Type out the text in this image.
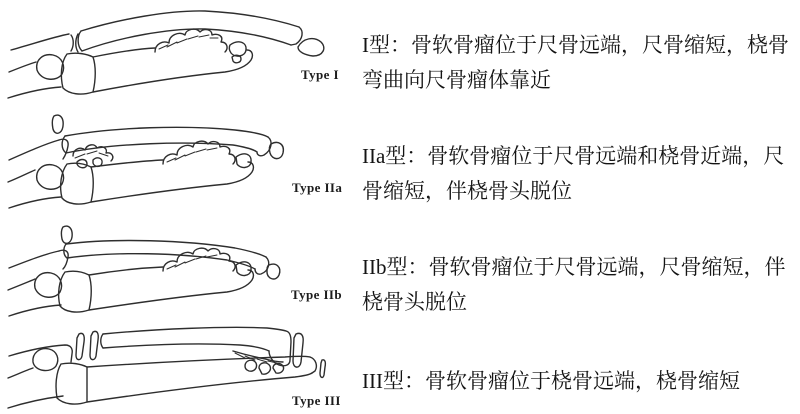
Type I
Type IIa
Type IIb
Type III
I型：骨软骨瘤位于尺骨远端，尺骨缩短，桡骨
弯曲向尺骨瘤体靠近
IIa型：骨软骨瘤位于尺骨远端和桡骨近端，尺
骨缩短，伴桡骨头脱位
IIb型：骨软骨瘤位于尺骨远端，尺骨缩短，伴
桡骨头脱位
III型：骨软骨瘤位于桡骨远端，桡骨缩短
